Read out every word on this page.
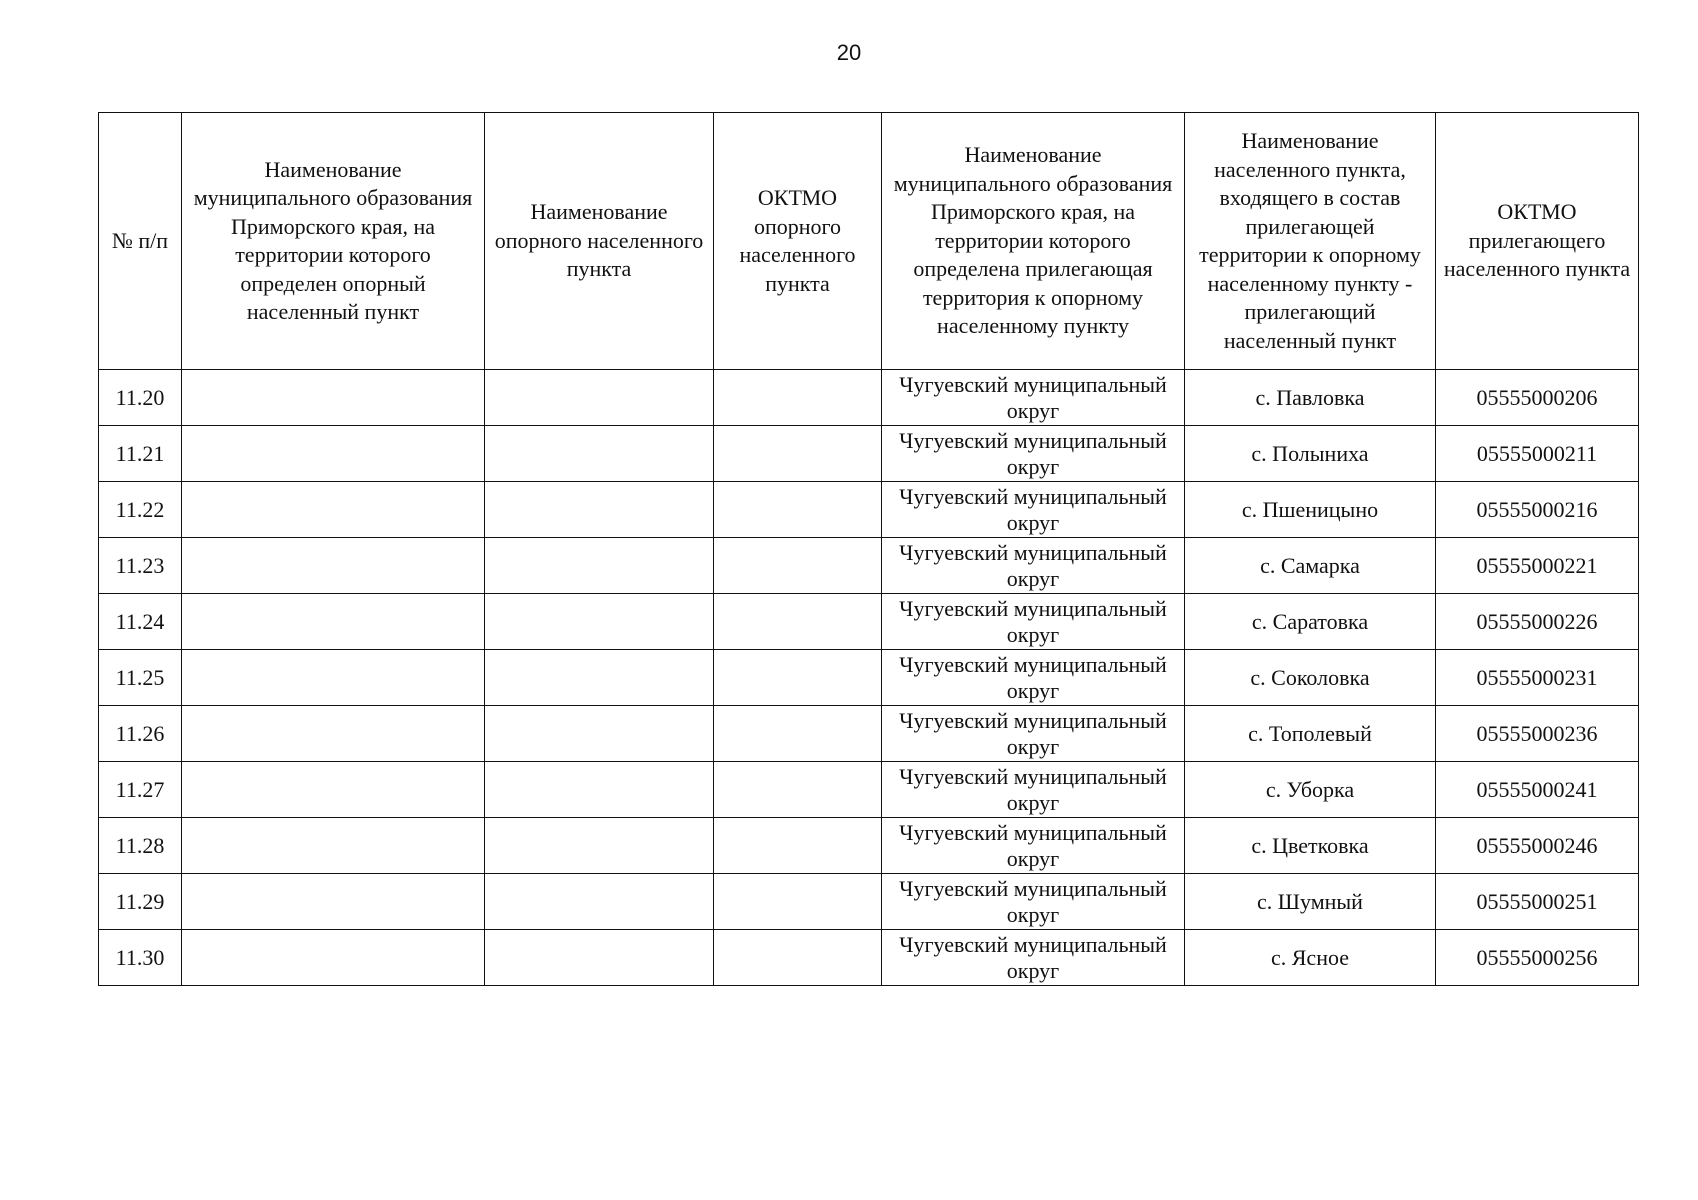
20
№ п/п	Наименование муниципального образования Приморского края, на территории которого определен опорный населенный пункт	Наименование опорного населенного пункта	ОКТМО опорного населенного пункта	Наименование муниципального образования Приморского края, на территории которого определена прилегающая территория к опорному населенному пункту	Наименование населенного пункта, входящего в состав прилегающей территории к опорному населенному пункту - прилегающий населенный пункт	ОКТМО прилегающего населенного пункта
11.20				Чугуевский муниципальный округ	с. Павловка	05555000206
11.21				Чугуевский муниципальный округ	с. Полыниха	05555000211
11.22				Чугуевский муниципальный округ	с. Пшеницыно	05555000216
11.23				Чугуевский муниципальный округ	с. Самарка	05555000221
11.24				Чугуевский муниципальный округ	с. Саратовка	05555000226
11.25				Чугуевский муниципальный округ	с. Соколовка	05555000231
11.26				Чугуевский муниципальный округ	с. Тополевый	05555000236
11.27				Чугуевский муниципальный округ	с. Уборка	05555000241
11.28				Чугуевский муниципальный округ	с. Цветковка	05555000246
11.29				Чугуевский муниципальный округ	с. Шумный	05555000251
11.30				Чугуевский муниципальный округ	с. Ясное	05555000256
